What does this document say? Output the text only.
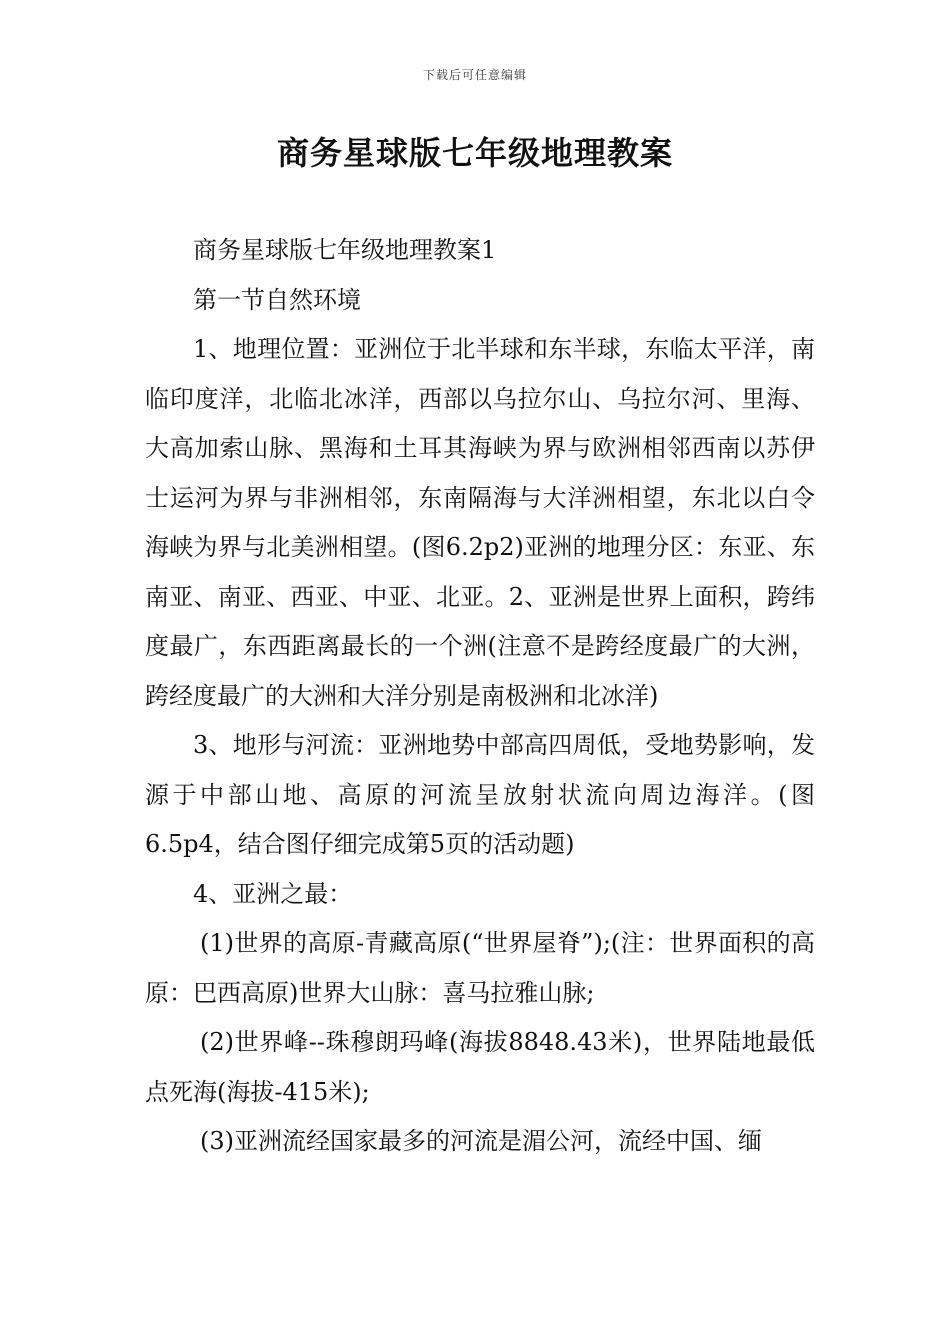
下载后可任意编辑
商务星球版七年级地理教案

商务星球版七年级地理教案1

第一节自然环境

1、地理位置：亚洲位于北半球和东半球，东临太平洋，南临印度洋，北临北冰洋，西部以乌拉尔山、乌拉尔河、里海、大高加索山脉、黑海和土耳其海峡为界与欧洲相邻西南以苏伊士运河为界与非洲相邻，东南隔海与大洋洲相望，东北以白令海峡为界与北美洲相望。(图6.2p2)亚洲的地理分区：东亚、东南亚、南亚、西亚、中亚、北亚。2、亚洲是世界上面积，跨纬度最广，东西距离最长的一个洲(注意不是跨经度最广的大洲，跨经度最广的大洲和大洋分别是南极洲和北冰洋)

3、地形与河流：亚洲地势中部高四周低，受地势影响，发源于中部山地、高原的河流呈放射状流向周边海洋。(图6.5p4，结合图仔细完成第5页的活动题)

4、亚洲之最：

(1)世界的高原-青藏高原(“世界屋脊”);(注：世界面积的高原：巴西高原)世界大山脉：喜马拉雅山脉;

(2)世界峰--珠穆朗玛峰(海拔8848.43米)，世界陆地最低点死海(海拔-415米);

(3)亚洲流经国家最多的河流是湄公河，流经中国、缅
